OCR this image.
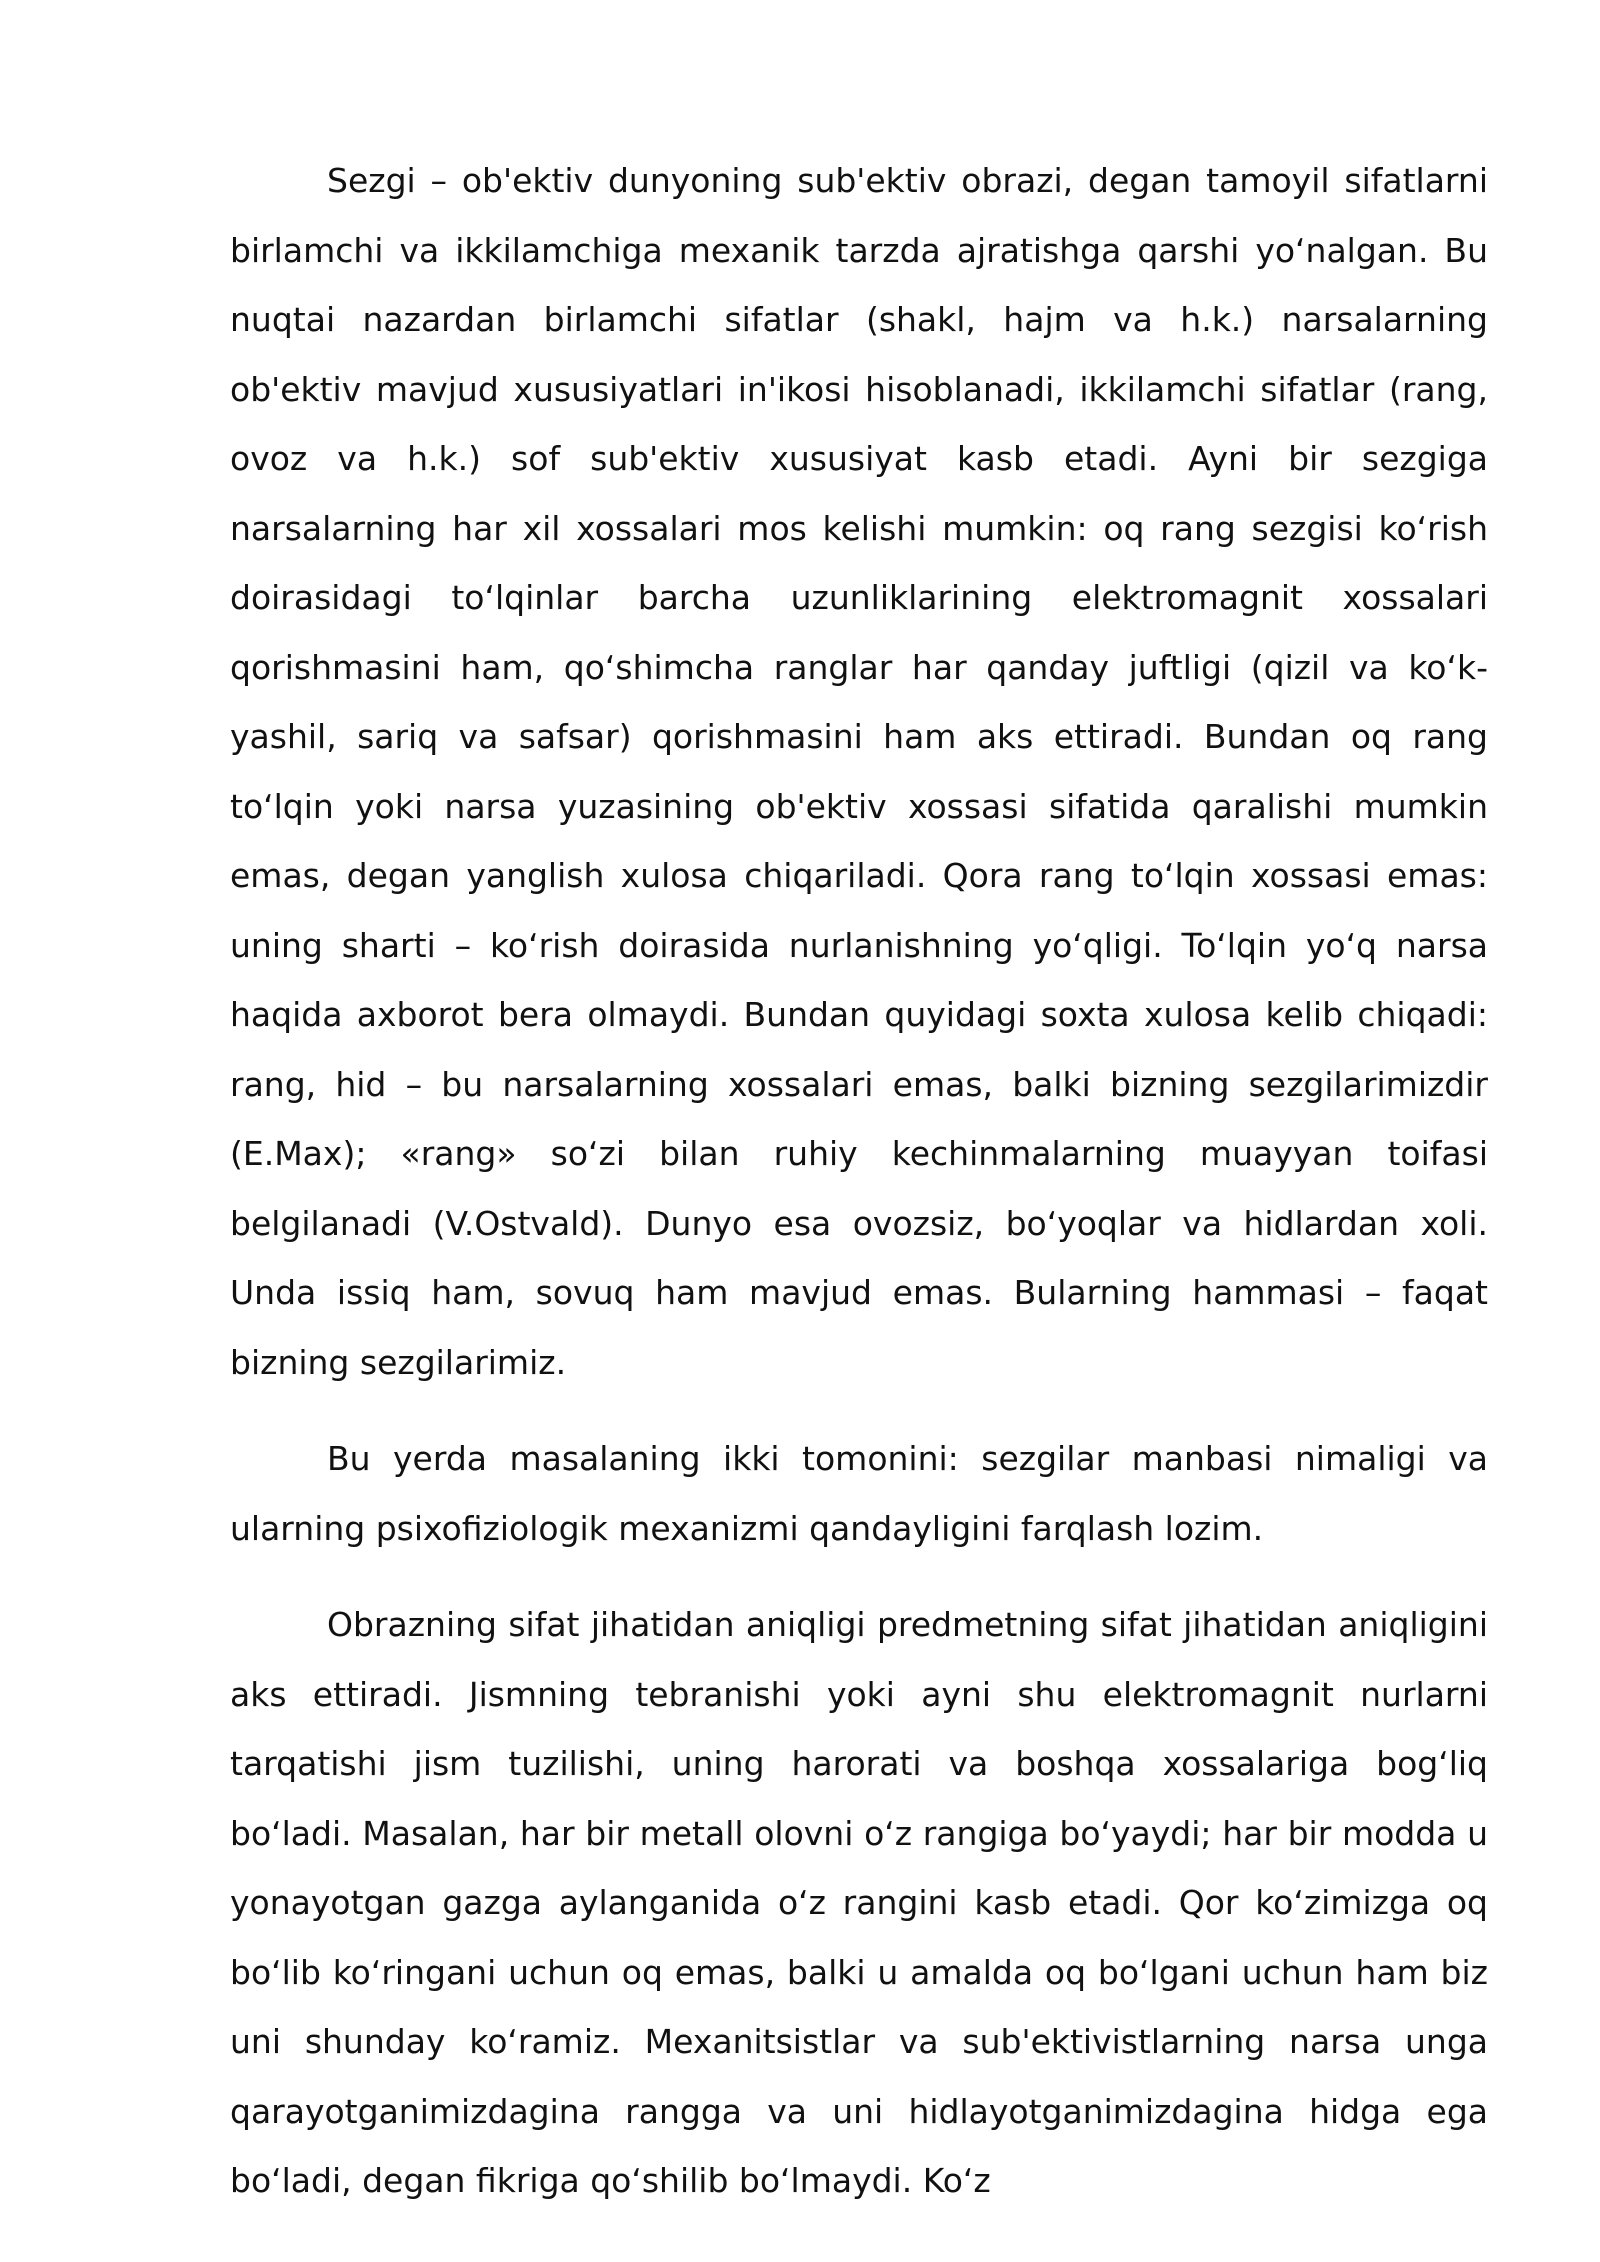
Sezgi – ob'ektiv dunyoning sub'ektiv obrazi, degan tamoyil sifatlarni birlamchi va ikkilamchiga mexanik tarzda ajratishga qarshi yo‘nalgan. Bu nuqtai nazardan birlamchi sifatlar (shakl, hajm va h.k.) narsalarning ob'ektiv mavjud xususiyatlari in'ikosi hisoblanadi, ikkilamchi sifatlar (rang, ovoz va h.k.) sof sub'ektiv xususiyat kasb etadi. Ayni bir sezgiga narsalarning har xil xossalari mos kelishi mumkin: oq rang sezgisi ko‘rish doirasidagi to‘lqinlar barcha uzunliklarining elektromagnit xossalari qorishmasini ham, qo‘shimcha ranglar har qanday juftligi (qizil va ko‘k-yashil, sariq va safsar) qorishmasini ham aks ettiradi. Bundan oq rang to‘lqin yoki narsa yuzasining ob'ektiv xossasi sifatida qaralishi mumkin emas, degan yanglish xulosa chiqariladi. Qora rang to‘lqin xossasi emas: uning sharti – ko‘rish doirasida nurlanishning yo‘qligi. To‘lqin yo‘q narsa haqida axborot bera olmaydi. Bundan quyidagi soxta xulosa kelib chiqadi: rang, hid – bu narsalarning xossalari emas, balki bizning sezgilarimizdir (E.Max); «rang» so‘zi bilan ruhiy kechinmalarning muayyan toifasi belgilanadi (V.Ostvald). Dunyo esa ovozsiz, bo‘yoqlar va hidlardan xoli. Unda issiq ham, sovuq ham mavjud emas. Bularning hammasi – faqat bizning sezgilarimiz.

Bu yerda masalaning ikki tomonini: sezgilar manbasi nimaligi va ularning psixofiziologik mexanizmi qandayligini farqlash lozim.

Obrazning sifat jihatidan aniqligi predmetning sifat jihatidan aniqligini aks ettiradi. Jismning tebranishi yoki ayni shu elektromagnit nurlarni tarqatishi jism tuzilishi, uning harorati va boshqa xossalariga bog‘liq bo‘ladi. Masalan, har bir metall olovni o‘z rangiga bo‘yaydi; har bir modda u yonayotgan gazga aylanganida o‘z rangini kasb etadi. Qor ko‘zimizga oq bo‘lib ko‘ringani uchun oq emas, balki u amalda oq bo‘lgani uchun ham biz uni shunday ko‘ramiz. Mexanitsistlar va sub'ektivistlarning narsa unga qarayotganimizdagina rangga va uni hidlayotganimizdagina hidga ega bo‘ladi, degan fikriga qo‘shilib bo‘lmaydi. Ko‘z
